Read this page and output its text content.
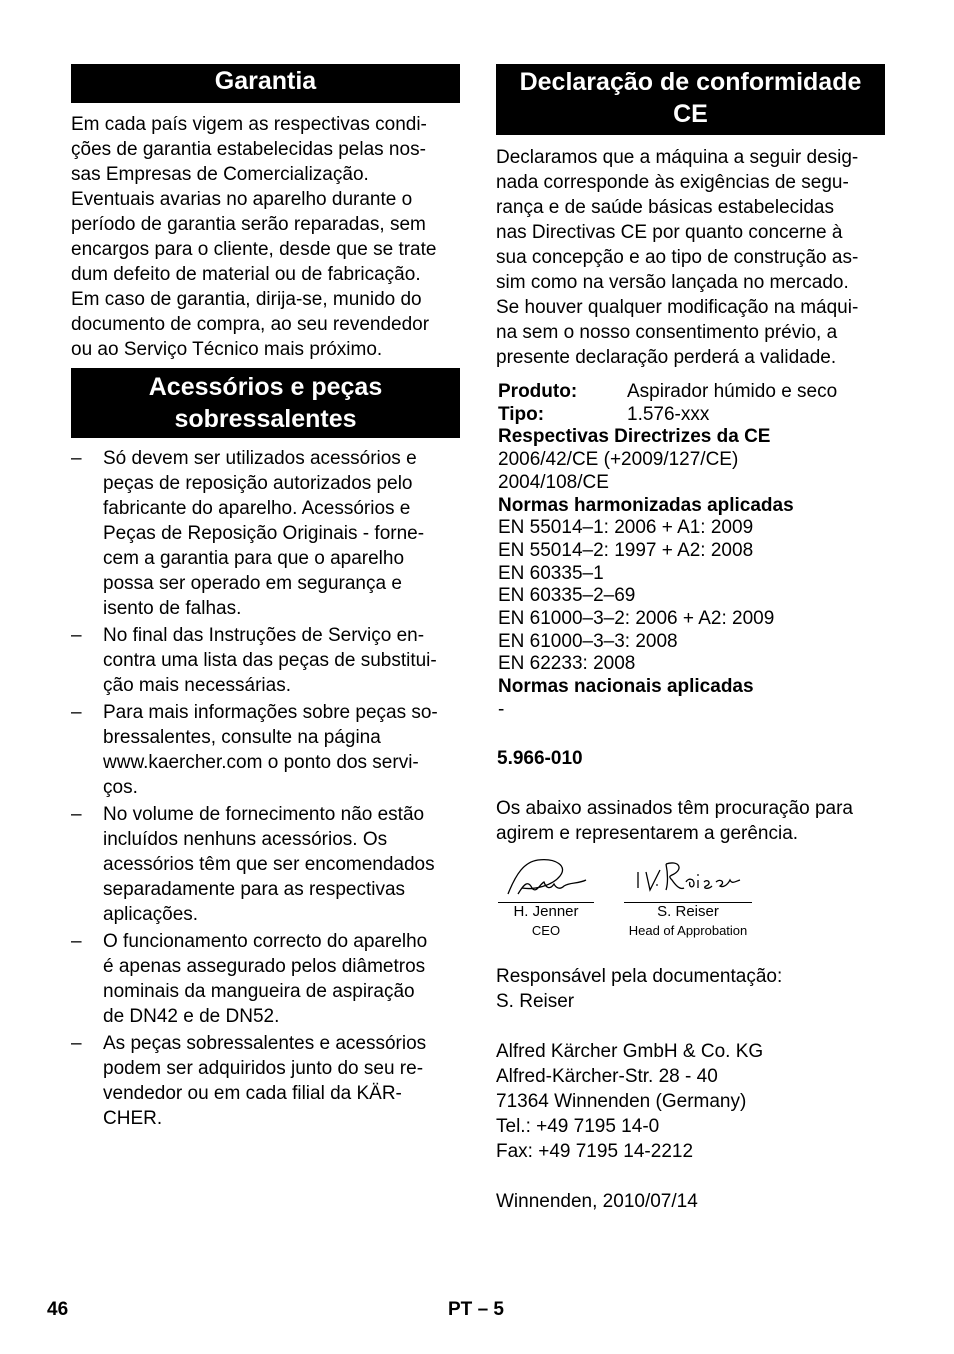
Garantia

Em cada país vigem as respectivas condi-
ções de garantia estabelecidas pelas nos-
sas Empresas de Comercialização.
Eventuais avarias no aparelho durante o
período de garantia serão reparadas, sem
encargos para o cliente, desde que se trate
dum defeito de material ou de fabricação.
Em caso de garantia, dirija-se, munido do
documento de compra, ao seu revendedor
ou ao Serviço Técnico mais próximo.

Acessórios e peças
sobressalentes
–	Só devem ser utilizados acessórios e
peças de reposição autorizados pelo
fabricante do aparelho. Acessórios e
Peças de Reposição Originais - forne-
cem a garantia para que o aparelho
possa ser operado em segurança e
isento de falhas.
–	No final das Instruções de Serviço en-
contra uma lista das peças de substitui-
ção mais necessárias.
–	Para mais informações sobre peças so-
bressalentes, consulte na página
www.kaercher.com o ponto dos servi-
ços.
–	No volume de fornecimento não estão
incluídos nenhuns acessórios. Os
acessórios têm que ser encomendados
separadamente para as respectivas
aplicações.
–	O funcionamento correcto do aparelho
é apenas assegurado pelos diâmetros
nominais da mangueira de aspiração
de DN42 e de DN52.
–	As peças sobressalentes e acessórios
podem ser adquiridos junto do seu re-
vendedor ou em cada filial da KÄR-
CHER.
Declaração de conformidade
CE

Declaramos que a máquina a seguir desig-
nada corresponde às exigências de segu-
rança e de saúde básicas estabelecidas
nas Directivas CE por quanto concerne à
sua concepção e ao tipo de construção as-
sim como na versão lançada no mercado.
Se houver qualquer modificação na máqui-
na sem o nosso consentimento prévio, a
presente declaração perderá a validade.

Produto:	Aspirador húmido e seco
Tipo:	1.576-xxx
Respectivas Directrizes da CE
2006/42/CE (+2009/127/CE)
2004/108/CE
Normas harmonizadas aplicadas
EN 55014–1: 2006 + A1: 2009
EN 55014–2: 1997 + A2: 2008
EN 60335–1
EN 60335–2–69
EN 61000–3–2: 2006 + A2: 2009
EN 61000–3–3: 2008
EN 62233: 2008
Normas nacionais aplicadas
-
5.966-010

Os abaixo assinados têm procuração para
agirem e representarem a gerência.

H. Jenner
CEO
S. Reiser
Head of Approbation

Responsável pela documentação:
S. Reiser

Alfred Kärcher GmbH & Co. KG
Alfred-Kärcher-Str. 28 - 40
71364 Winnenden (Germany)
Tel.: +49 7195 14-0
Fax: +49 7195 14-2212

Winnenden, 2010/07/14

46	PT – 5
